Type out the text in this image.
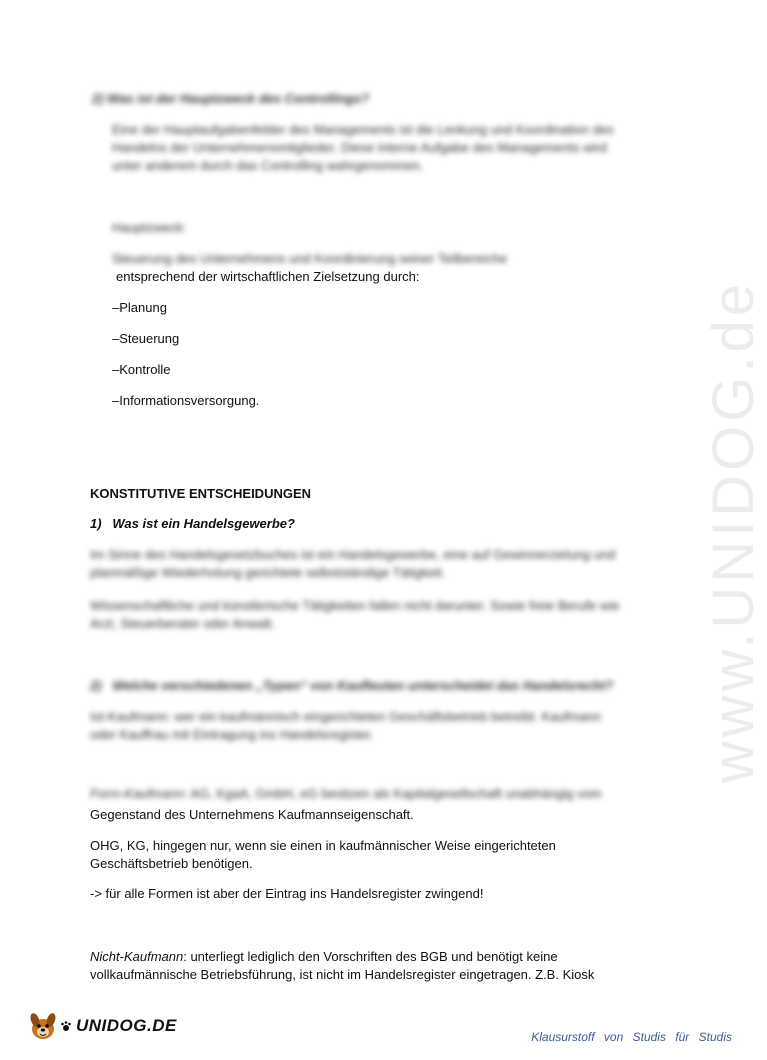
www.UNIDOG.de
2) Was ist der Hauptzweck des Controllings?
Eine der Hauptaufgabenfelder des Managements ist die Lenkung und Koordination des
Handelns der Unternehmensmitglieder. Diese interne Aufgabe des Managements wird
unter anderem durch das Controlling wahrgenommen.
Hauptzweck:
Steuerung des Unternehmens und Koordinierung seiner Teilbereiche
entsprechend der wirtschaftlichen Zielsetzung durch:
–Planung
–Steuerung
–Kontrolle
–Informationsversorgung.
KONSTITUTIVE ENTSCHEIDUNGEN
1)   Was ist ein Handelsgewerbe?
Im Sinne des Handelsgesetzbuches ist ein Handelsgewerbe, eine auf Gewinnerzielung und
planmäßige Wiederholung gerichtete selbstständige Tätigkeit.
Wissenschaftliche und künstlerische Tätigkeiten fallen nicht darunter. Sowie freie Berufe wie
Arzt, Steuerberater oder Anwalt.
2)   Welche verschiedenen „Typen“ von Kaufleuten unterscheidet das Handelsrecht?
Ist-Kaufmann: wer ein kaufmännisch eingerichteten Geschäftsbetrieb betreibt. Kaufmann
oder Kauffrau mit Eintragung ins Handelsregister.
Form-Kaufmann: AG, KgaA, GmbH, eG besitzen als Kapitalgesellschaft unabhängig vom
Gegenstand des Unternehmens Kaufmannseigenschaft.
OHG, KG, hingegen nur, wenn sie einen in kaufmännischer Weise eingerichteten
Geschäftsbetrieb benötigen.
-> für alle Formen ist aber der Eintrag ins Handelsregister zwingend!
Nicht-Kaufmann: unterliegt lediglich den Vorschriften des BGB und benötigt keine
vollkaufmännische Betriebsführung, ist nicht im Handelsregister eingetragen. Z.B. Kiosk
UNIDOG.DE
Klausurstoff von Studis für Studis
